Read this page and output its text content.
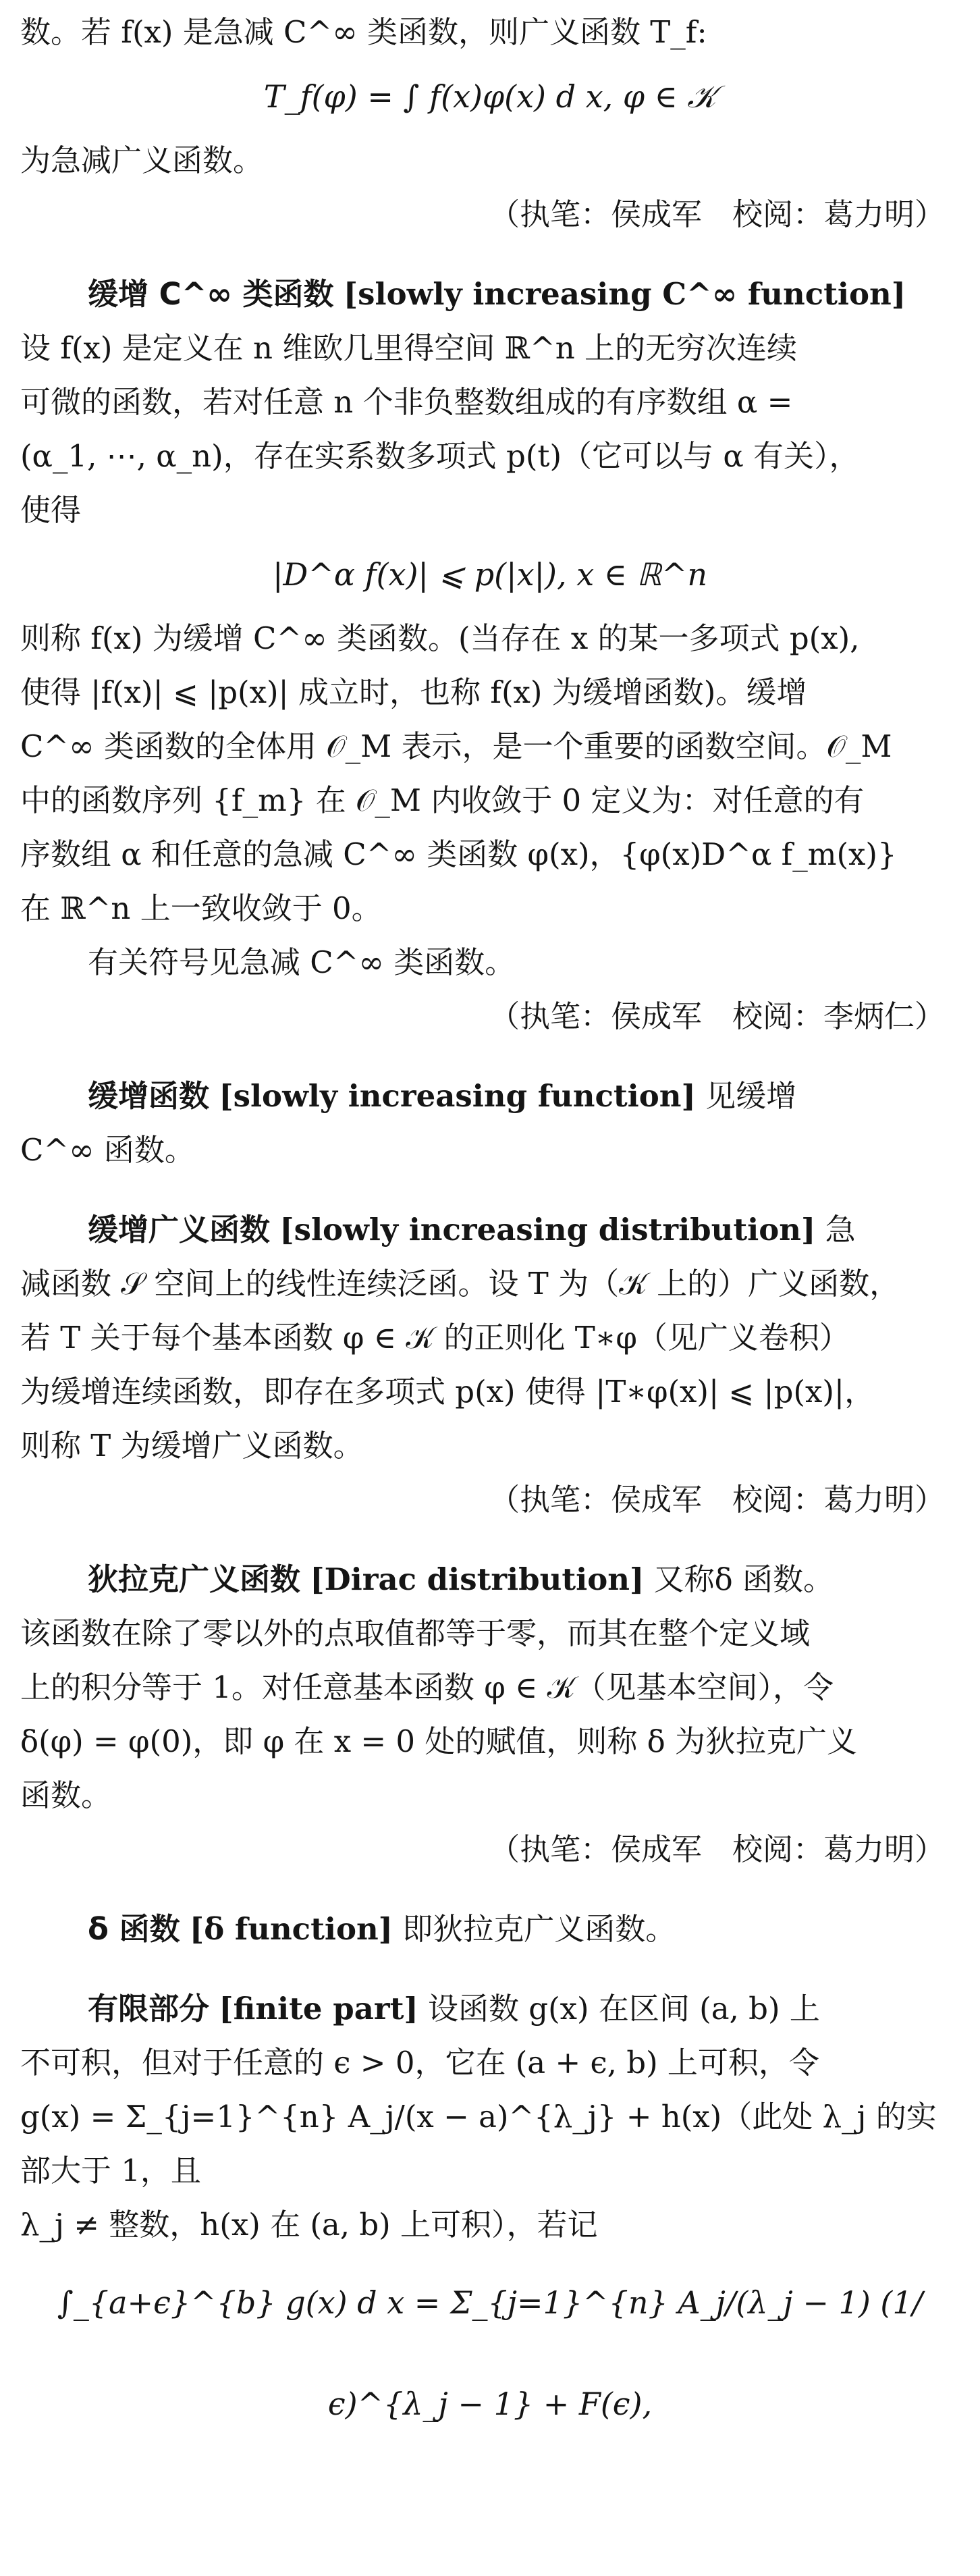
数。若 f(x) 是急减 C^∞ 类函数，则广义函数 T_f:

T_f(φ) = ∫ f(x)φ(x) d x, φ ∈ 𝒦

为急减广义函数。

（执笔：侯成军　校阅：葛力明）

缓增 C^∞ 类函数 [slowly increasing C^∞ function]

设 f(x) 是定义在 n 维欧几里得空间 ℝ^n 上的无穷次连续

可微的函数，若对任意 n 个非负整数组成的有序数组 α =

(α_1, ⋯, α_n)，存在实系数多项式 p(t)（它可以与 α 有关），

使得

|D^α f(x)| ⩽ p(|x|), x ∈ ℝ^n

则称 f(x) 为缓增 C^∞ 类函数。(当存在 x 的某一多项式 p(x),

使得 |f(x)| ⩽ |p(x)| 成立时，也称 f(x) 为缓增函数)。缓增

C^∞ 类函数的全体用 𝒪_M 表示，是一个重要的函数空间。𝒪_M

中的函数序列 {f_m} 在 𝒪_M 内收敛于 0 定义为：对任意的有

序数组 α 和任意的急减 C^∞ 类函数 φ(x)，{φ(x)D^α f_m(x)}

在 ℝ^n 上一致收敛于 0。

有关符号见急减 C^∞ 类函数。

（执笔：侯成军　校阅：李炳仁）

缓增函数 [slowly increasing function] 见缓增

C^∞ 函数。

缓增广义函数 [slowly increasing distribution] 急

减函数 𝒮 空间上的线性连续泛函。设 T 为（𝒦 上的）广义函数，

若 T 关于每个基本函数 φ ∈ 𝒦 的正则化 T∗φ（见广义卷积）

为缓增连续函数，即存在多项式 p(x) 使得 |T∗φ(x)| ⩽ |p(x)|，

则称 T 为缓增广义函数。

（执笔：侯成军　校阅：葛力明）

狄拉克广义函数 [Dirac distribution] 又称δ 函数。

该函数在除了零以外的点取值都等于零，而其在整个定义域

上的积分等于 1。对任意基本函数 φ ∈ 𝒦（见基本空间），令

δ(φ) = φ(0)，即 φ 在 x = 0 处的赋值，则称 δ 为狄拉克广义

函数。

（执笔：侯成军　校阅：葛力明）

δ 函数 [δ function] 即狄拉克广义函数。

有限部分 [finite part] 设函数 g(x) 在区间 (a, b) 上

不可积，但对于任意的 ϵ > 0，它在 (a + ϵ, b) 上可积，令

g(x) = Σ_{j=1}^{n} A_j/(x − a)^{λ_j} + h(x)（此处 λ_j 的实部大于 1，且

λ_j ≠ 整数，h(x) 在 (a, b) 上可积），若记

∫_{a+ϵ}^{b} g(x) d x = Σ_{j=1}^{n} A_j/(λ_j − 1) (1/ϵ)^{λ_j − 1} + F(ϵ),
